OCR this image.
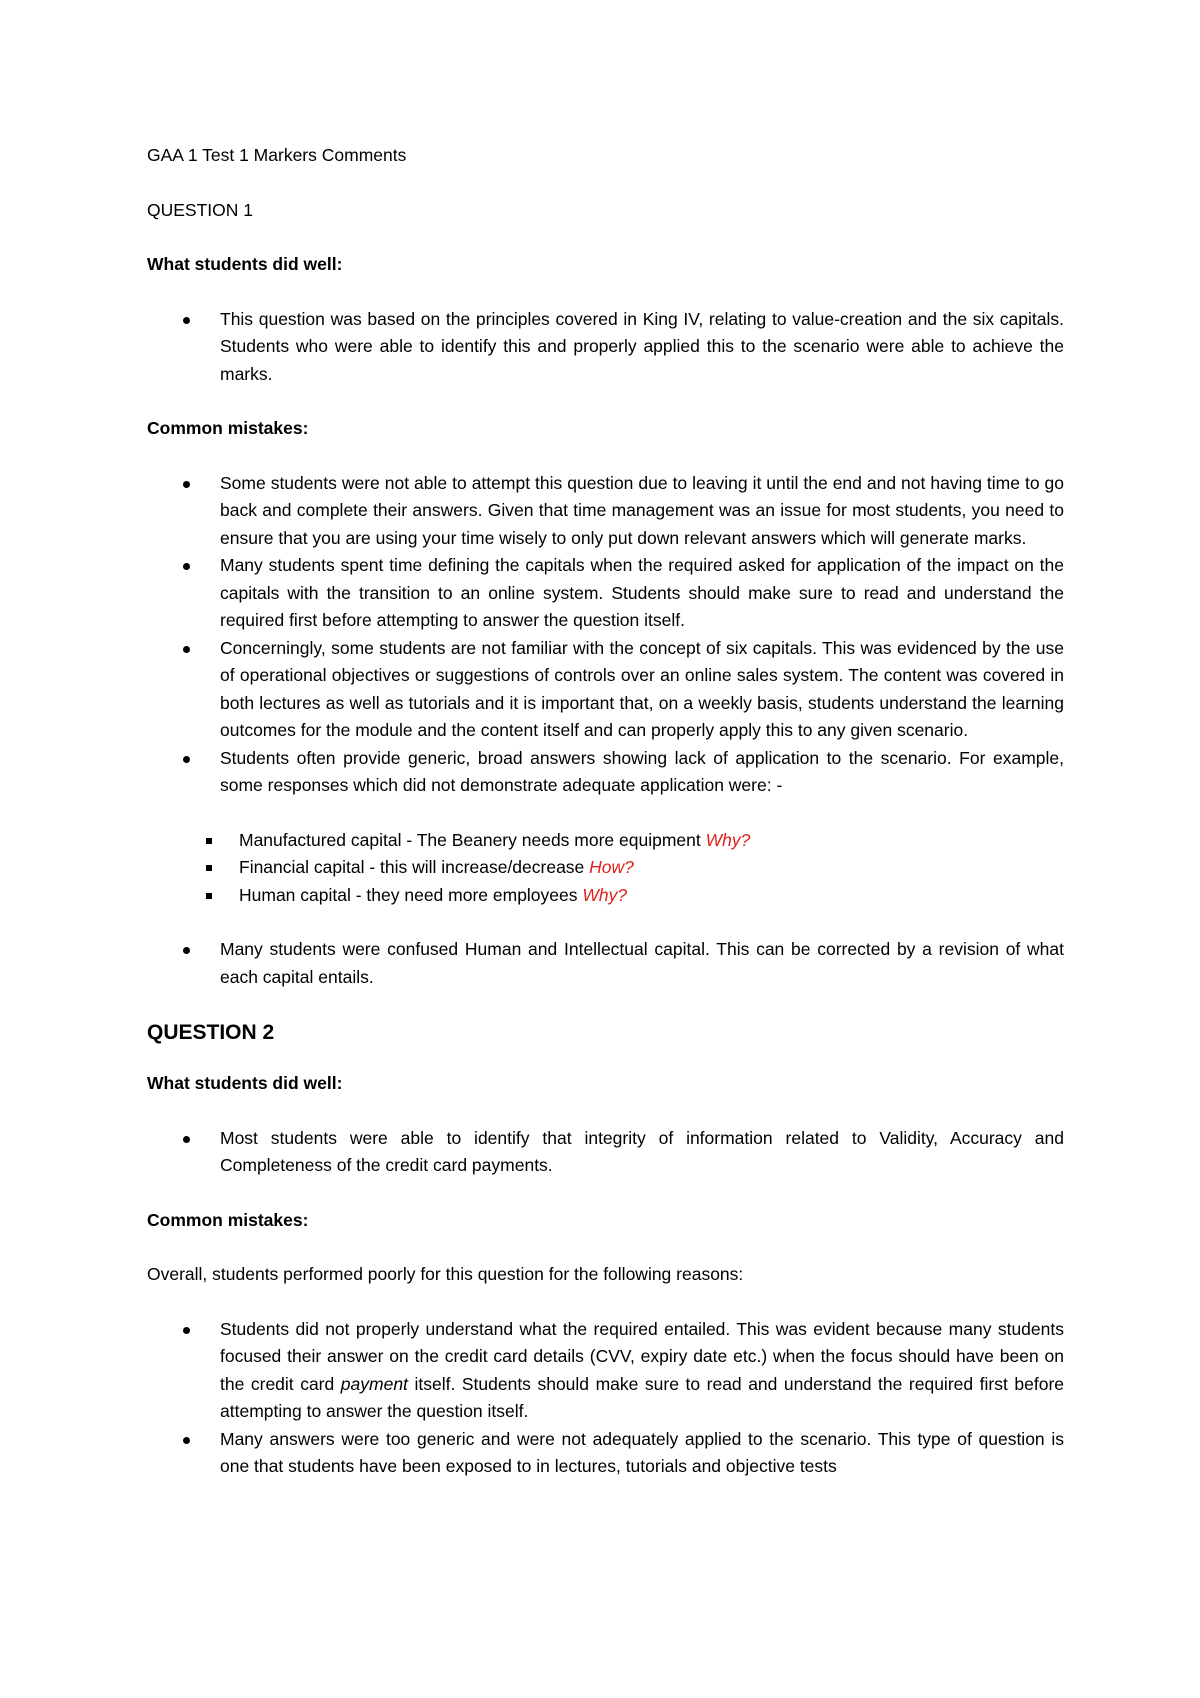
GAA 1 Test 1 Markers Comments

QUESTION 1

What students did well:

This question was based on the principles covered in King IV, relating to value-creation and the six capitals. Students who were able to identify this and properly applied this to the scenario were able to achieve the marks.

Common mistakes:

Some students were not able to attempt this question due to leaving it until the end and not having time to go back and complete their answers. Given that time management was an issue for most students, you need to ensure that you are using your time wisely to only put down relevant answers which will generate marks.
Many students spent time defining the capitals when the required asked for application of the impact on the capitals with the transition to an online system. Students should make sure to read and understand the required first before attempting to answer the question itself.
Concerningly, some students are not familiar with the concept of six capitals. This was evidenced by the use of operational objectives or suggestions of controls over an online sales system. The content was covered in both lectures as well as tutorials and it is important that, on a weekly basis, students understand the learning outcomes for the module and the content itself and can properly apply this to any given scenario.
Students often provide generic, broad answers showing lack of application to the scenario. For example, some responses which did not demonstrate adequate application were: -
Manufactured capital - The Beanery needs more equipment Why?
Financial capital - this will increase/decrease How?
Human capital - they need more employees Why?
Many students were confused Human and Intellectual capital. This can be corrected by a revision of what each capital entails.

QUESTION 2

What students did well:

Most students were able to identify that integrity of information related to Validity, Accuracy and Completeness of the credit card payments.

Common mistakes:

Overall, students performed poorly for this question for the following reasons:

Students did not properly understand what the required entailed. This was evident because many students focused their answer on the credit card details (CVV, expiry date etc.) when the focus should have been on the credit card payment itself. Students should make sure to read and understand the required first before attempting to answer the question itself.
Many answers were too generic and were not adequately applied to the scenario. This type of question is one that students have been exposed to in lectures, tutorials and objective tests
